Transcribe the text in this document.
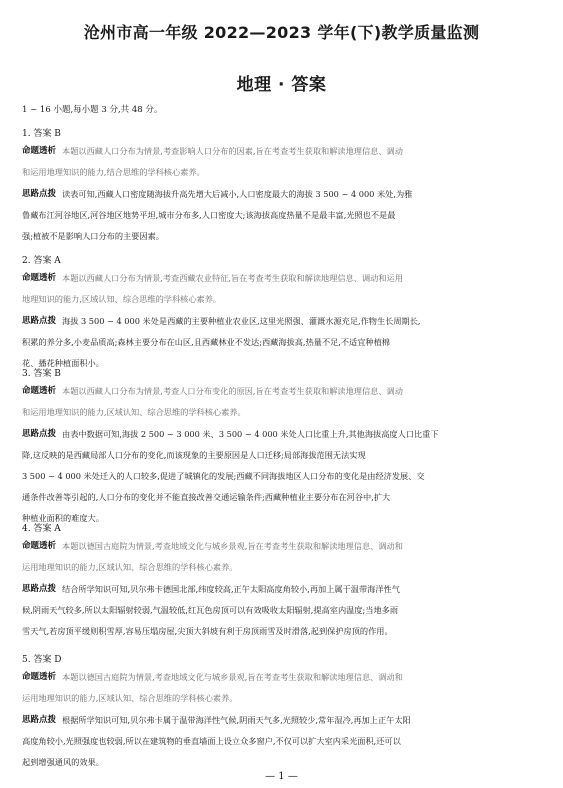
沧州市高一年级 2022—2023 学年(下)教学质量监测
地理 · 答案
1 ~ 16 小题,每小题 3 分,共 48 分。
1. 答案 B
命题透析 本题以西藏人口分布为情景,考查影响人口分布的因素,旨在考查考生获取和解读地理信息、调动
和运用地理知识的能力,结合思维的学科核心素养。
思路点拨 读表可知,西藏人口密度随海拔升高先增大后减小,人口密度最大的海拔 3 500 ~ 4 000 米处,为雅
鲁藏布江河谷地区,河谷地区地势平坦,城市分布多,人口密度大;该海拔高度热量不是最丰富,光照也不是最
强;植被不是影响人口分布的主要因素。
2. 答案 A
命题透析 本题以西藏人口分布为情景,考查西藏农业特征,旨在考查考生获取和解读地理信息、调动和运用
地理知识的能力,区域认知、综合思维的学科核心素养。
思路点拨 海拔 3 500 ~ 4 000 米处是西藏的主要种植业农业区,这里光照强、灌溉水源充足,作物生长周期长,
积累的养分多,小麦品质高;森林主要分布在山区,且西藏林业不发达;西藏海拔高,热量不足,不适宜种植棉
花、播花种植面积小。
3. 答案 B
命题透析 本题以西藏人口分布为情景,考查人口分布变化的原因,旨在考查考生获取和解读地理信息、调动
和运用地理知识的能力,区域认知、综合思维的学科核心素养。
思路点拨 由表中数据可知,海拔 2 500 ~ 3 000 米、3 500 ~ 4 000 米处人口比重上升,其他海拔高度人口比重下
降,这反映的是西藏局部人口分布的变化,而该现象的主要原因是人口迁移;局部海拔范围无法实现
3 500 ~ 4 000 米处迁入的人口较多,促进了城镇化的发展;西藏不同海拔地区人口分布的变化是由经济发展、交
通条件改善等引起的,人口分布的变化并不能直接改善交通运输条件;西藏种植业主要分布在河谷中,扩大
种植业面积的难度大。
4. 答案 A
命题透析 本题以德国古庭院为情景,考查地域文化与城乡景观,旨在考查考生获取和解读地理信息、调动和
运用地理知识的能力,区域认知、综合思维的学科核心素养。
思路点拨 结合所学知识可知,贝尔弗卡德国北部,纬度较高,正午太阳高度角较小,再加上属于温带海洋性气
候,阴雨天气较多,所以太阳辐射较弱,气温较低,红瓦色房顶可以有效吸收太阳辐射,提高室内温度;当地多雨
雪天气,若房顶平缓则积雪厚,容易压塌房屋,尖顶大斜坡有利于房顶雨雪及时滑落,起到保护房顶的作用。
5. 答案 D
命题透析 本题以德国古庭院为情景,考查地域文化与城乡景观,旨在考查考生获取和解读地理信息、调动和
运用地理知识的能力,区域认知、综合思维的学科核心素养。
思路点拨 根据所学知识可知,贝尔弗卡属于温带海洋性气候,阴雨天气多,光照较少,常年湿冷,再加上正午太阳
高度角较小,光照强度也较弱,所以在建筑物的垂直墙面上设立众多窗户,不仅可以扩大室内采光面积,还可以
起到增强通风的效果。
— 1 —
